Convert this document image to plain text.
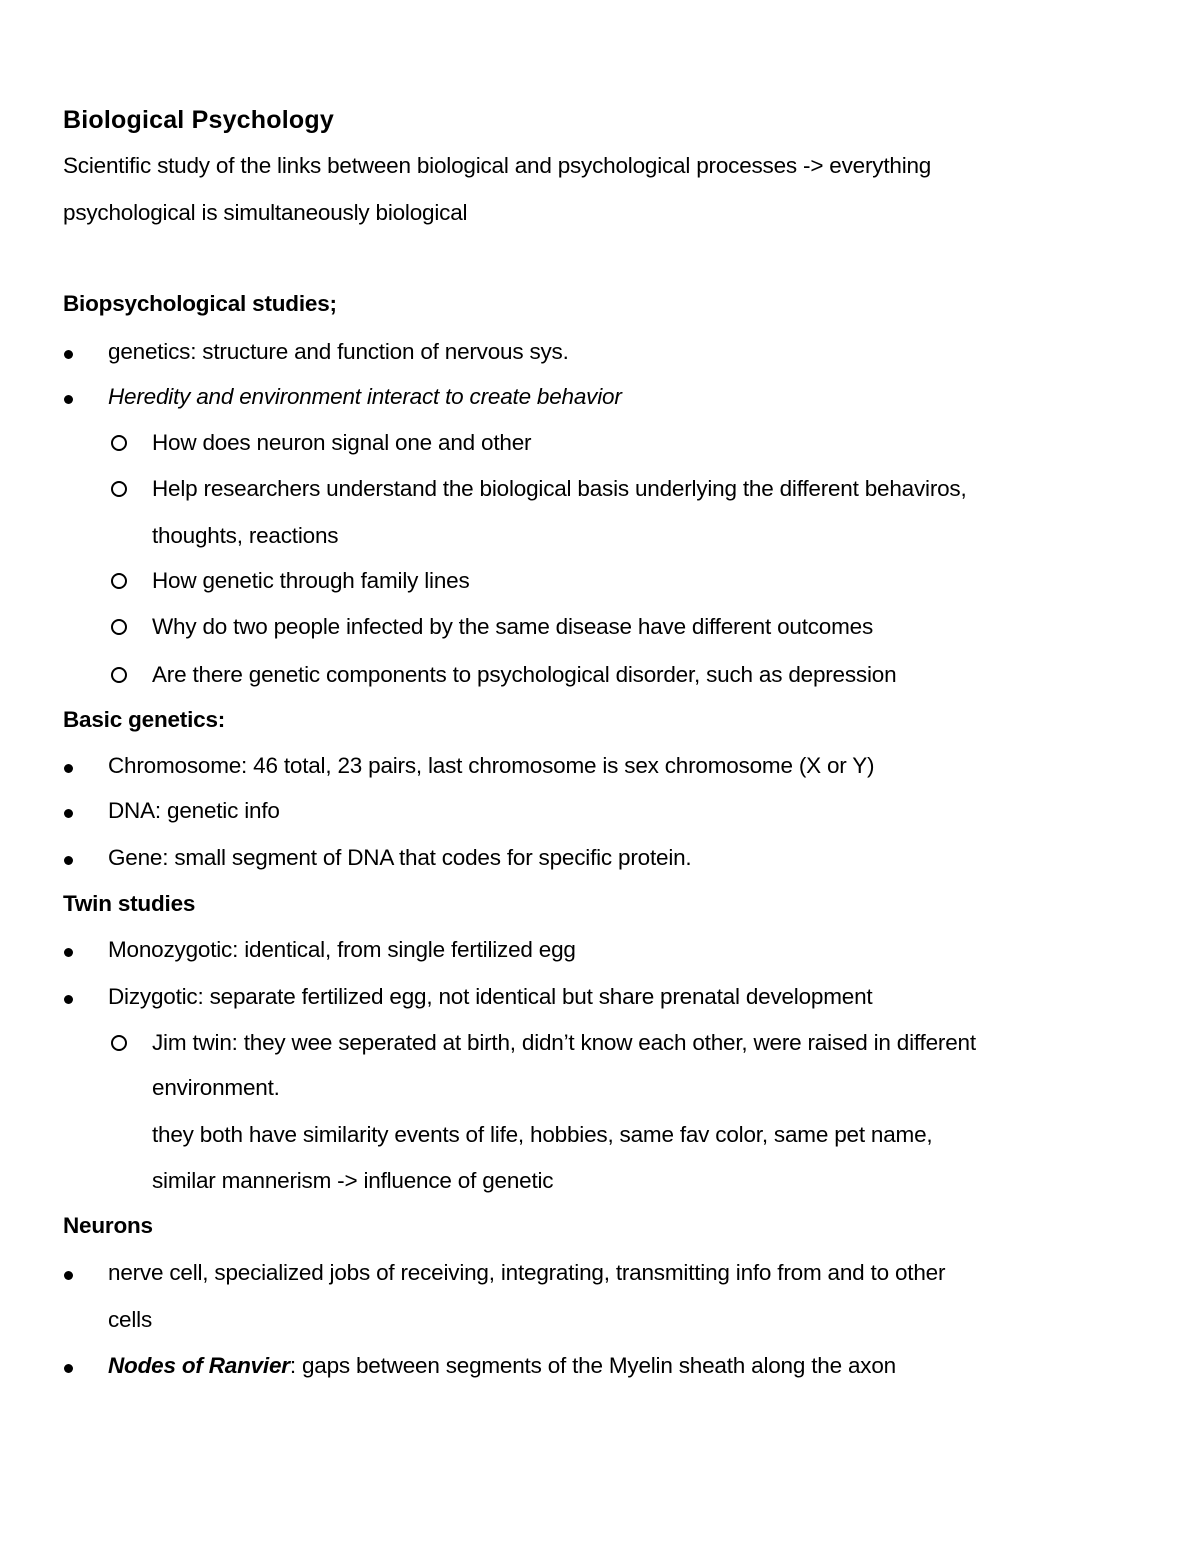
Biological Psychology
Scientific study of the links between biological and psychological processes -> everything
psychological is simultaneously biological
Biopsychological studies;
genetics: structure and function of nervous sys.
Heredity and environment interact to create behavior
How does neuron signal one and other
Help researchers understand the biological basis underlying the different behaviros,
thoughts, reactions
How genetic through family lines
Why do two people infected by the same disease have different outcomes
Are there genetic components to psychological disorder, such as depression
Basic genetics:
Chromosome: 46 total, 23 pairs, last chromosome is sex chromosome (X or Y)
DNA: genetic info
Gene: small segment of DNA that codes for specific protein.
Twin studies
Monozygotic: identical, from single fertilized egg
Dizygotic: separate fertilized egg, not identical but share prenatal development
Jim twin: they wee seperated at birth, didn’t know each other, were raised in different
environment.
they both have similarity events of life, hobbies, same fav color, same pet name,
similar mannerism -> influence of genetic
Neurons
nerve cell, specialized jobs of receiving, integrating, transmitting info from and to other
cells
Nodes of Ranvier: gaps between segments of the Myelin sheath along the axon
